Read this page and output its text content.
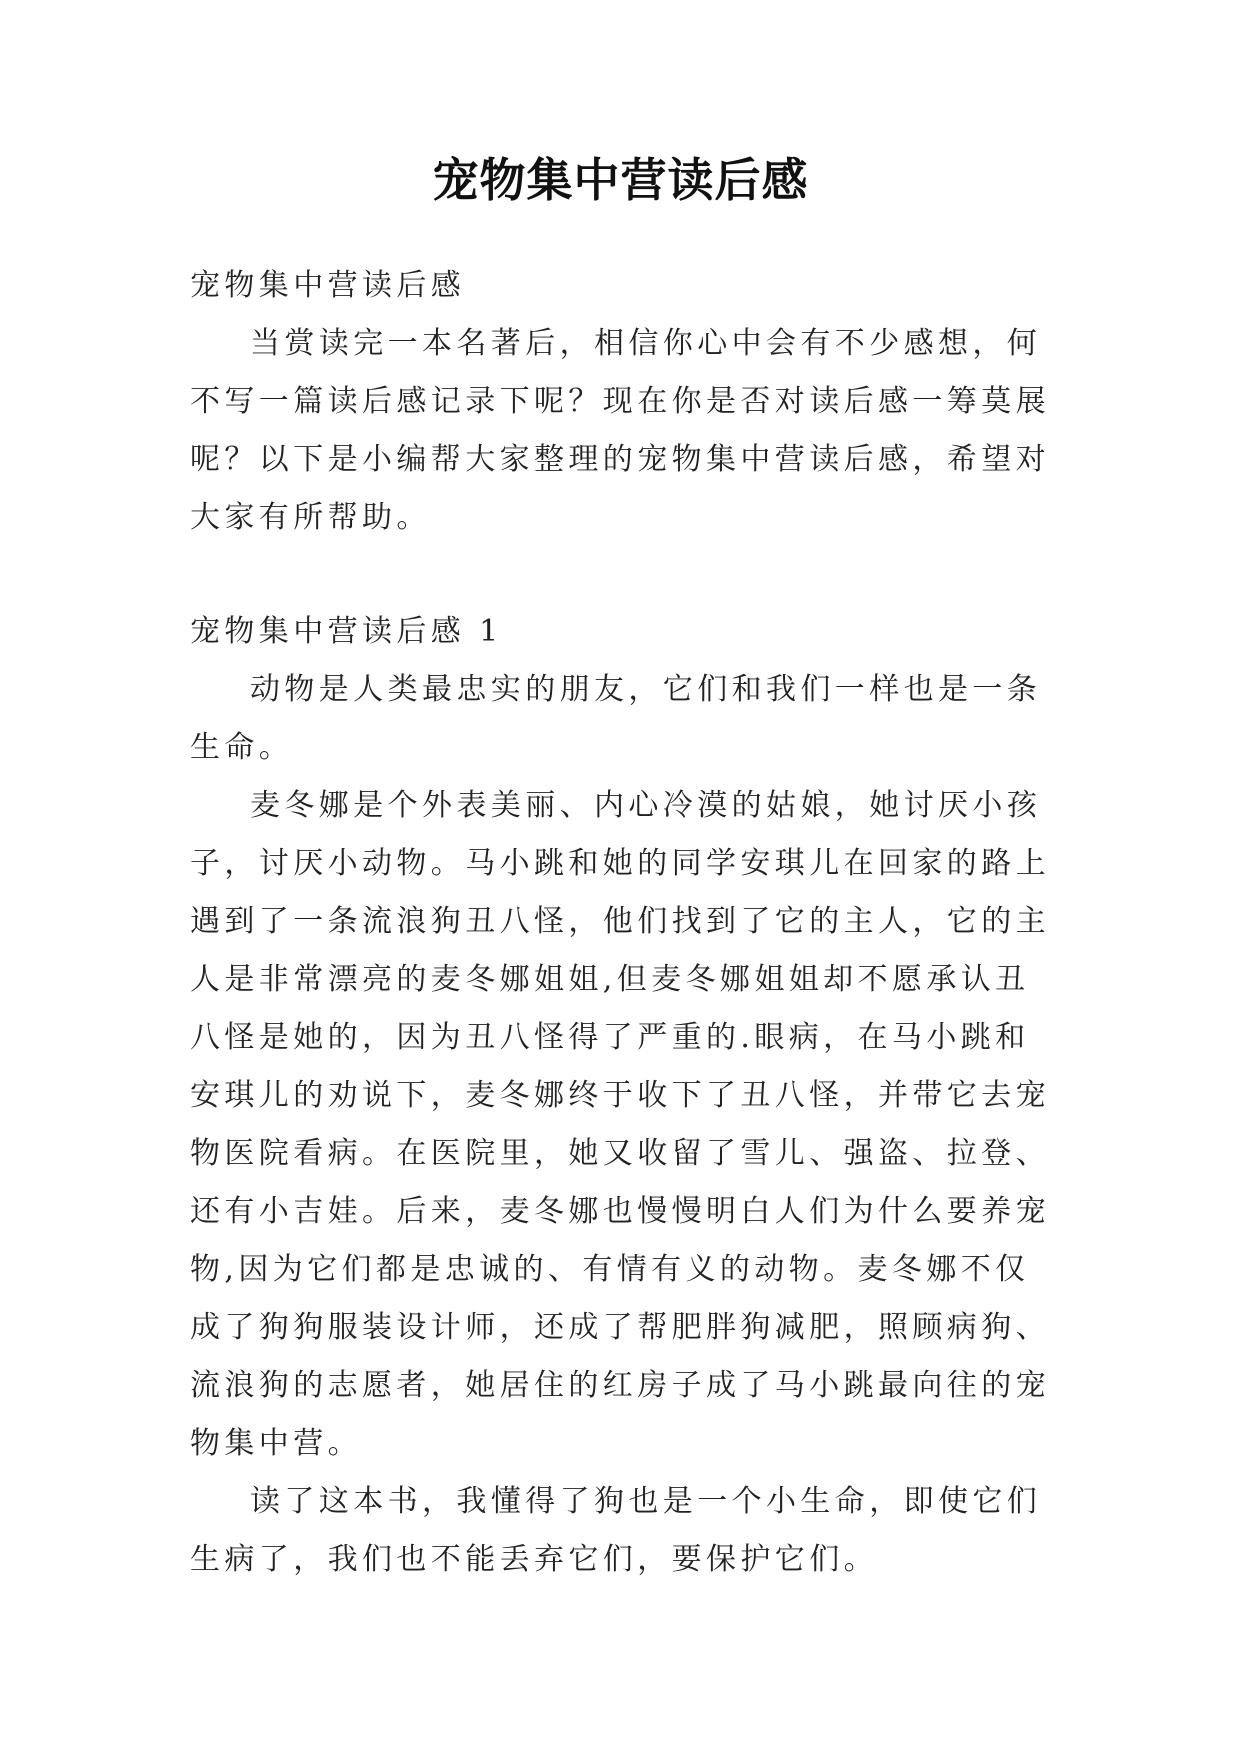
宠物集中营读后感

宠物集中营读后感

当赏读完一本名著后，相信你心中会有不少感想，何不写一篇读后感记录下呢？现在你是否对读后感一筹莫展呢？以下是小编帮大家整理的宠物集中营读后感，希望对大家有所帮助。

宠物集中营读后感 1

动物是人类最忠实的朋友，它们和我们一样也是一条生命。

麦冬娜是个外表美丽、内心冷漠的姑娘，她讨厌小孩子，讨厌小动物。马小跳和她的同学安琪儿在回家的路上遇到了一条流浪狗丑八怪，他们找到了它的主人，它的主人是非常漂亮的麦冬娜姐姐,但麦冬娜姐姐却不愿承认丑八怪是她的，因为丑八怪得了严重的.眼病，在马小跳和安琪儿的劝说下，麦冬娜终于收下了丑八怪，并带它去宠物医院看病。在医院里，她又收留了雪儿、强盗、拉登、还有小吉娃。后来，麦冬娜也慢慢明白人们为什么要养宠物,因为它们都是忠诚的、有情有义的动物。麦冬娜不仅成了狗狗服装设计师，还成了帮肥胖狗减肥，照顾病狗、流浪狗的志愿者，她居住的红房子成了马小跳最向往的宠物集中营。

读了这本书，我懂得了狗也是一个小生命，即使它们生病了，我们也不能丢弃它们，要保护它们。
